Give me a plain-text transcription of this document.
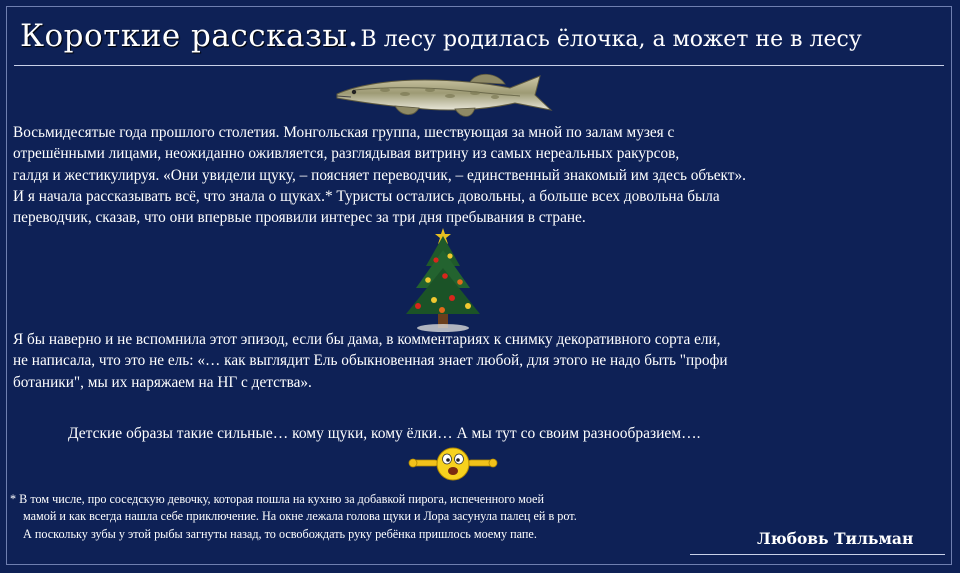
Короткие рассказы. В лесу родилась ёлочка, а может не в лесу
Восьмидесятые года прошлого столетия. Монгольская группа, шествующая за мной по залам музея с
отрешёнными лицами, неожиданно оживляется, разглядывая витрину из самых нереальных ракурсов,
галдя и жестикулируя. «Они увидели щуку, – поясняет переводчик, – единственный знакомый им здесь объект».
И я начала рассказывать всё, что знала о щуках.* Туристы остались довольны, а больше всех довольна была
переводчик, сказав, что они впервые проявили интерес за три дня пребывания в стране.
Я бы наверно и не вспомнила этот эпизод, если бы дама, в комментариях к снимку декоративного сорта ели,
не написала, что это не ель: «… как выглядит Ель обыкновенная знает любой, для этого не надо быть "профи
ботаники", мы их наряжаем на НГ с детства».
Детские образы такие сильные… кому щуки, кому ёлки… А мы тут со своим разнообразием….
* В том числе, про соседскую девочку, которая пошла на кухню за добавкой пирога, испеченного моей
мамой и как всегда нашла себе приключение. На окне лежала голова щуки и Лора засунула палец ей в рот.
А поскольку зубы у этой рыбы загнуты назад, то освобождать руку ребёнка пришлось моему папе.	Любовь Тильман
